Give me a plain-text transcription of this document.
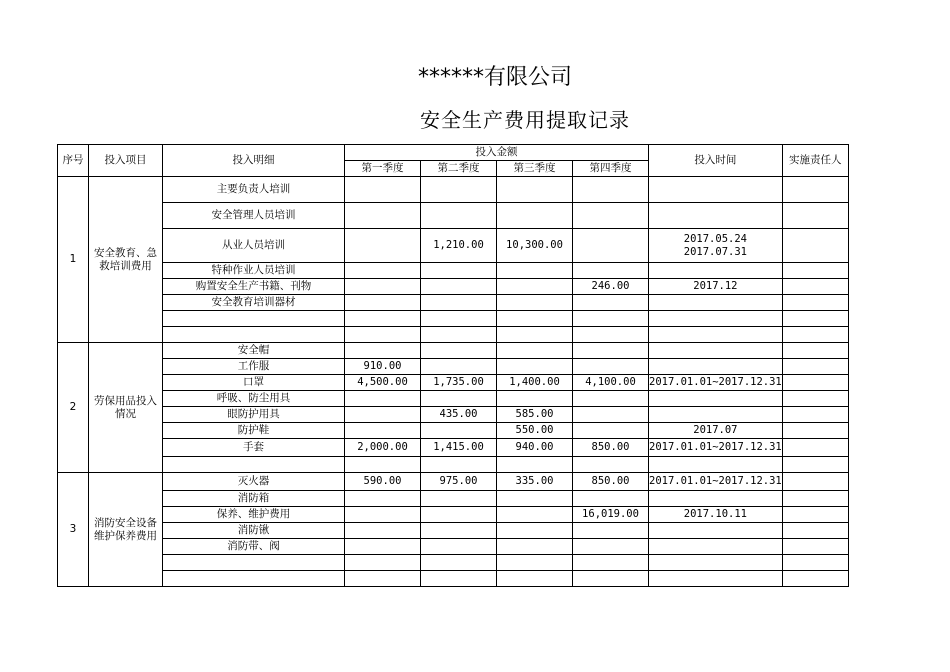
******有限公司
安全生产费用提取记录
序号	投入项目	投入明细	投入金额				投入时间	实施责任人
			第一季度	第二季度	第三季度	第四季度		
1	安全教育、急救培训费用	主要负责人培训						
		安全管理人员培训						
		从业人员培训		1,210.00	10,300.00		2017.05.24
2017.07.31	

		特种作业人员培训						
		购置安全生产书籍、刊物				246.00	2017.12	
		安全教育培训器材						

2	劳保用品投入情况	安全帽						
		工作服	910.00					
		口罩	4,500.00	1,735.00	1,400.00	4,100.00	2017.01.01~2017.12.31	
		呼吸、防尘用具						
		眼防护用具		435.00	585.00			
		防护鞋			550.00		2017.07	
		手套	2,000.00	1,415.00	940.00	850.00	2017.01.01~2017.12.31	

3	消防安全设备维护保养费用	灭火器	590.00	975.00	335.00	850.00	2017.01.01~2017.12.31	
		消防箱						
		保养、维护费用				16,019.00	2017.10.11	
		消防锹						
		消防带、阀						
